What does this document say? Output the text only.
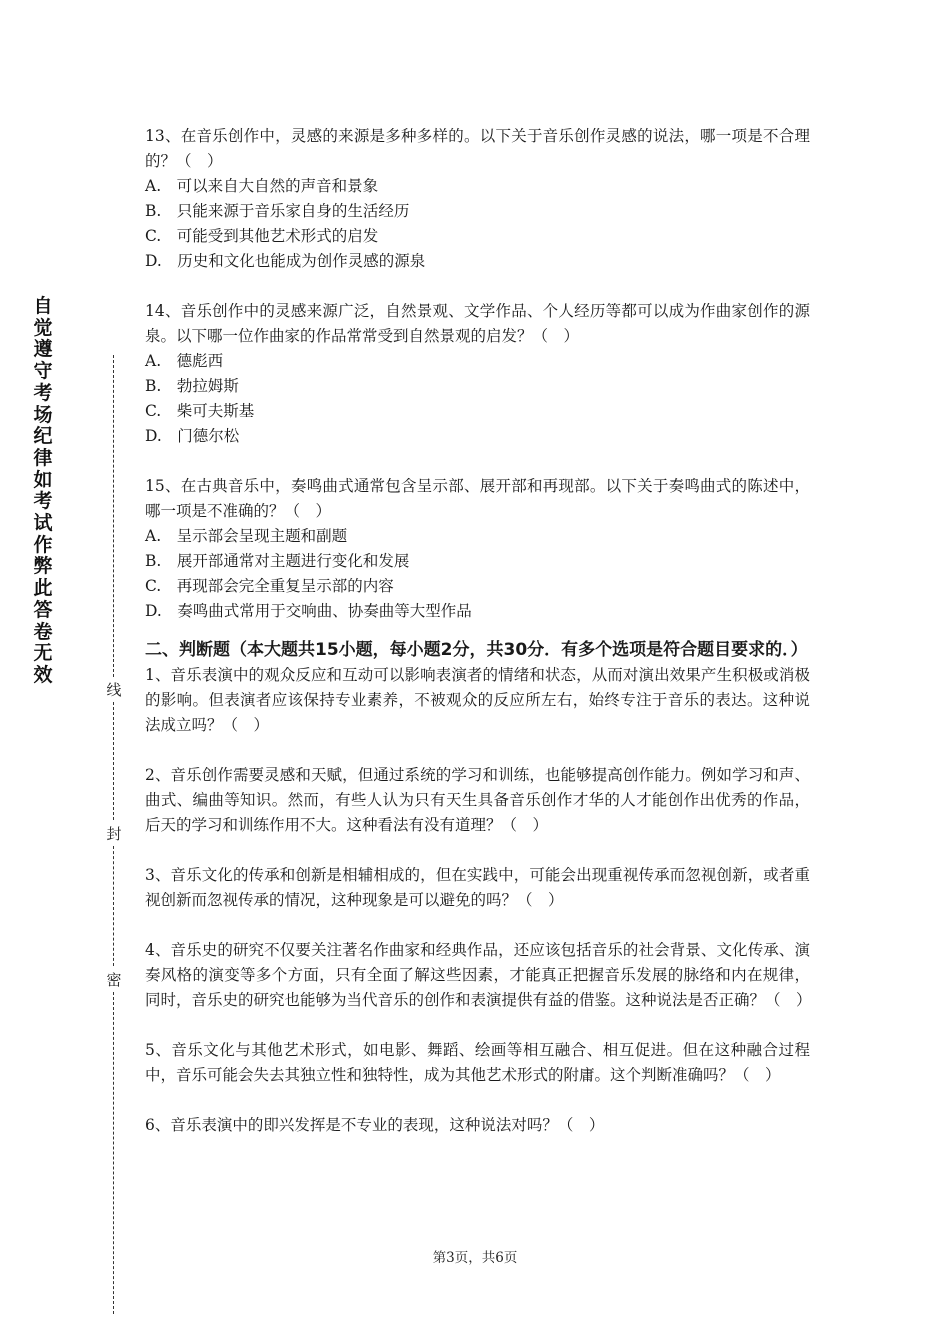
自觉遵守考场纪律如考试作弊此答卷无效
线
封
密

13、在音乐创作中，灵感的来源是多种多样的。以下关于音乐创作灵感的说法，哪一项是不合理的？（　）

A.　可以来自大自然的声音和景象

B.　只能来源于音乐家自身的生活经历

C.　可能受到其他艺术形式的启发

D.　历史和文化也能成为创作灵感的源泉

14、音乐创作中的灵感来源广泛，自然景观、文学作品、个人经历等都可以成为作曲家创作的源泉。以下哪一位作曲家的作品常常受到自然景观的启发？（　）

A.　德彪西

B.　勃拉姆斯

C.　柴可夫斯基

D.　门德尔松

15、在古典音乐中，奏鸣曲式通常包含呈示部、展开部和再现部。以下关于奏鸣曲式的陈述中，哪一项是不准确的？（　）

A.　呈示部会呈现主题和副题

B.　展开部通常对主题进行变化和发展

C.　再现部会完全重复呈示部的内容

D.　奏鸣曲式常用于交响曲、协奏曲等大型作品

二、判断题（本大题共15小题，每小题2分，共30分．有多个选项是符合题目要求的．）

1、音乐表演中的观众反应和互动可以影响表演者的情绪和状态，从而对演出效果产生积极或消极的影响。但表演者应该保持专业素养，不被观众的反应所左右，始终专注于音乐的表达。这种说法成立吗？（　）

2、音乐创作需要灵感和天赋，但通过系统的学习和训练，也能够提高创作能力。例如学习和声、曲式、编曲等知识。然而，有些人认为只有天生具备音乐创作才华的人才能创作出优秀的作品，后天的学习和训练作用不大。这种看法有没有道理？（　）

3、音乐文化的传承和创新是相辅相成的，但在实践中，可能会出现重视传承而忽视创新，或者重视创新而忽视传承的情况，这种现象是可以避免的吗？（　）

4、音乐史的研究不仅要关注著名作曲家和经典作品，还应该包括音乐的社会背景、文化传承、演奏风格的演变等多个方面，只有全面了解这些因素，才能真正把握音乐发展的脉络和内在规律，同时，音乐史的研究也能够为当代音乐的创作和表演提供有益的借鉴。这种说法是否正确？（　）

5、音乐文化与其他艺术形式，如电影、舞蹈、绘画等相互融合、相互促进。但在这种融合过程中，音乐可能会失去其独立性和独特性，成为其他艺术形式的附庸。这个判断准确吗？（　）

6、音乐表演中的即兴发挥是不专业的表现，这种说法对吗？（　）

第3页，共6页
